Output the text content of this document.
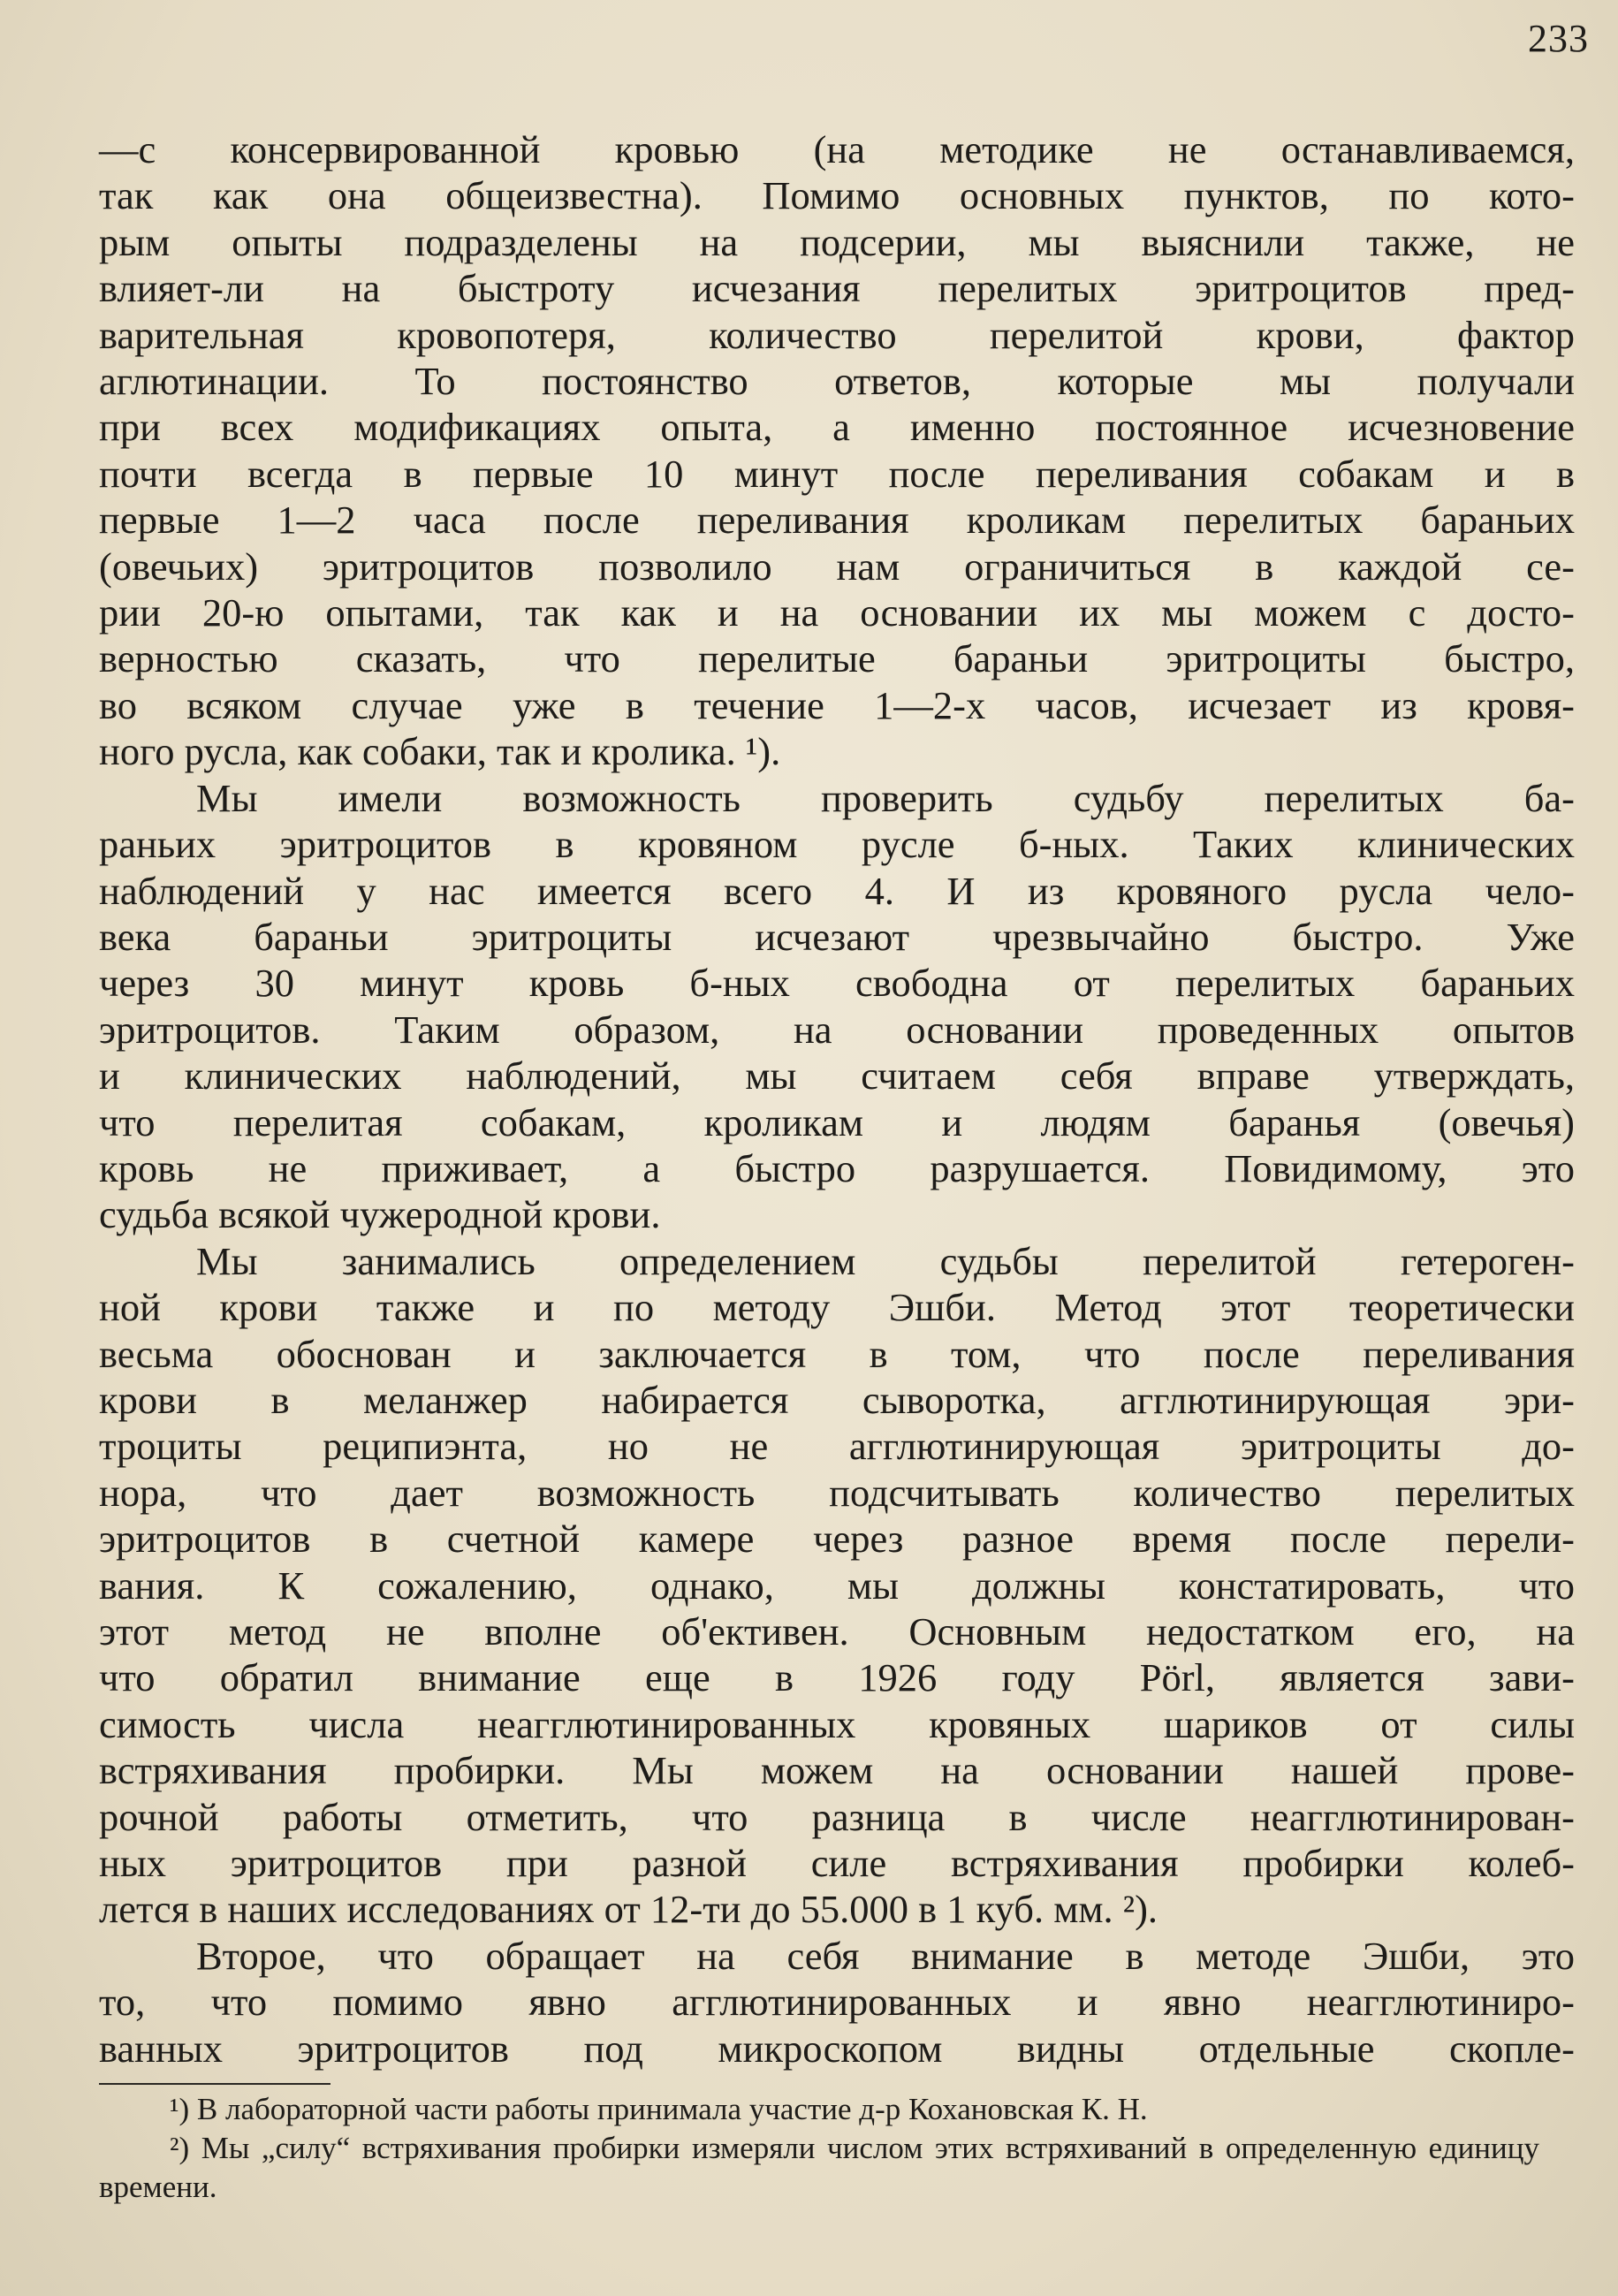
233
—с консервированной кровью (на методике не останавливаемся,
так как она общеизвестна). Помимо основных пунктов, по кото-
рым опыты подразделены на подсерии, мы выяснили также, не
влияет-ли на быстроту исчезания перелитых эритроцитов пред-
варительная кровопотеря, количество перелитой крови, фактор
аглютинации. То постоянство ответов, которые мы получали
при всех модификациях опыта, а именно постоянное исчезновение
почти всегда в первые 10 минут после переливания собакам и в
первые 1—2 часа после переливания кроликам перелитых бараньих
(овечьих) эритроцитов позволило нам ограничиться в каждой се-
рии 20-ю опытами, так как и на основании их мы можем с досто-
верностью сказать, что перелитые бараньи эритроциты быстро,
во всяком случае уже в течение 1—2-х часов, исчезает из кровя-
ного русла, как собаки, так и кролика. ¹).
Мы имели возможность проверить судьбу перелитых ба-
раньих эритроцитов в кровяном русле б-ных. Таких клинических
наблюдений у нас имеется всего 4. И из кровяного русла чело-
века бараньи эритроциты исчезают чрезвычайно быстро. Уже
через 30 минут кровь б-ных свободна от перелитых бараньих
эритроцитов. Таким образом, на основании проведенных опытов
и клинических наблюдений, мы считаем себя вправе утверждать,
что перелитая собакам, кроликам и людям баранья (овечья)
кровь не приживает, а быстро разрушается. Повидимому, это
судьба всякой чужеродной крови.
Мы занимались определением судьбы перелитой гетероген-
ной крови также и по методу Эшби. Метод этот теоретически
весьма обоснован и заключается в том, что после переливания
крови в меланжер набирается сыворотка, агглютинирующая эри-
троциты реципиэнта, но не агглютинирующая эритроциты до-
нора, что дает возможность подсчитывать количество перелитых
эритроцитов в счетной камере через разное время после перели-
вания. К сожалению, однако, мы должны констатировать, что
этот метод не вполне об'ективен. Основным недостатком его, на
что обратил внимание еще в 1926 году Pörl, является зави-
симость числа неагглютинированных кровяных шариков от силы
встряхивания пробирки. Мы можем на основании нашей прове-
рочной работы отметить, что разница в числе неагглютинирован-
ных эритроцитов при разной силе встряхивания пробирки колеб-
лется в наших исследованиях от 12-ти до 55.000 в 1 куб. мм. ²).
Второе, что обращает на себя внимание в методе Эшби, это
то, что помимо явно агглютинированных и явно неагглютиниро-
ванных эритроцитов под микроскопом видны отдельные скопле-

¹) В лабораторной части работы принимала участие д-р Кохановская К. Н.

²) Мы „силу“ встряхивания пробирки измеряли числом этих встряхиваний в определенную единицу времени.
